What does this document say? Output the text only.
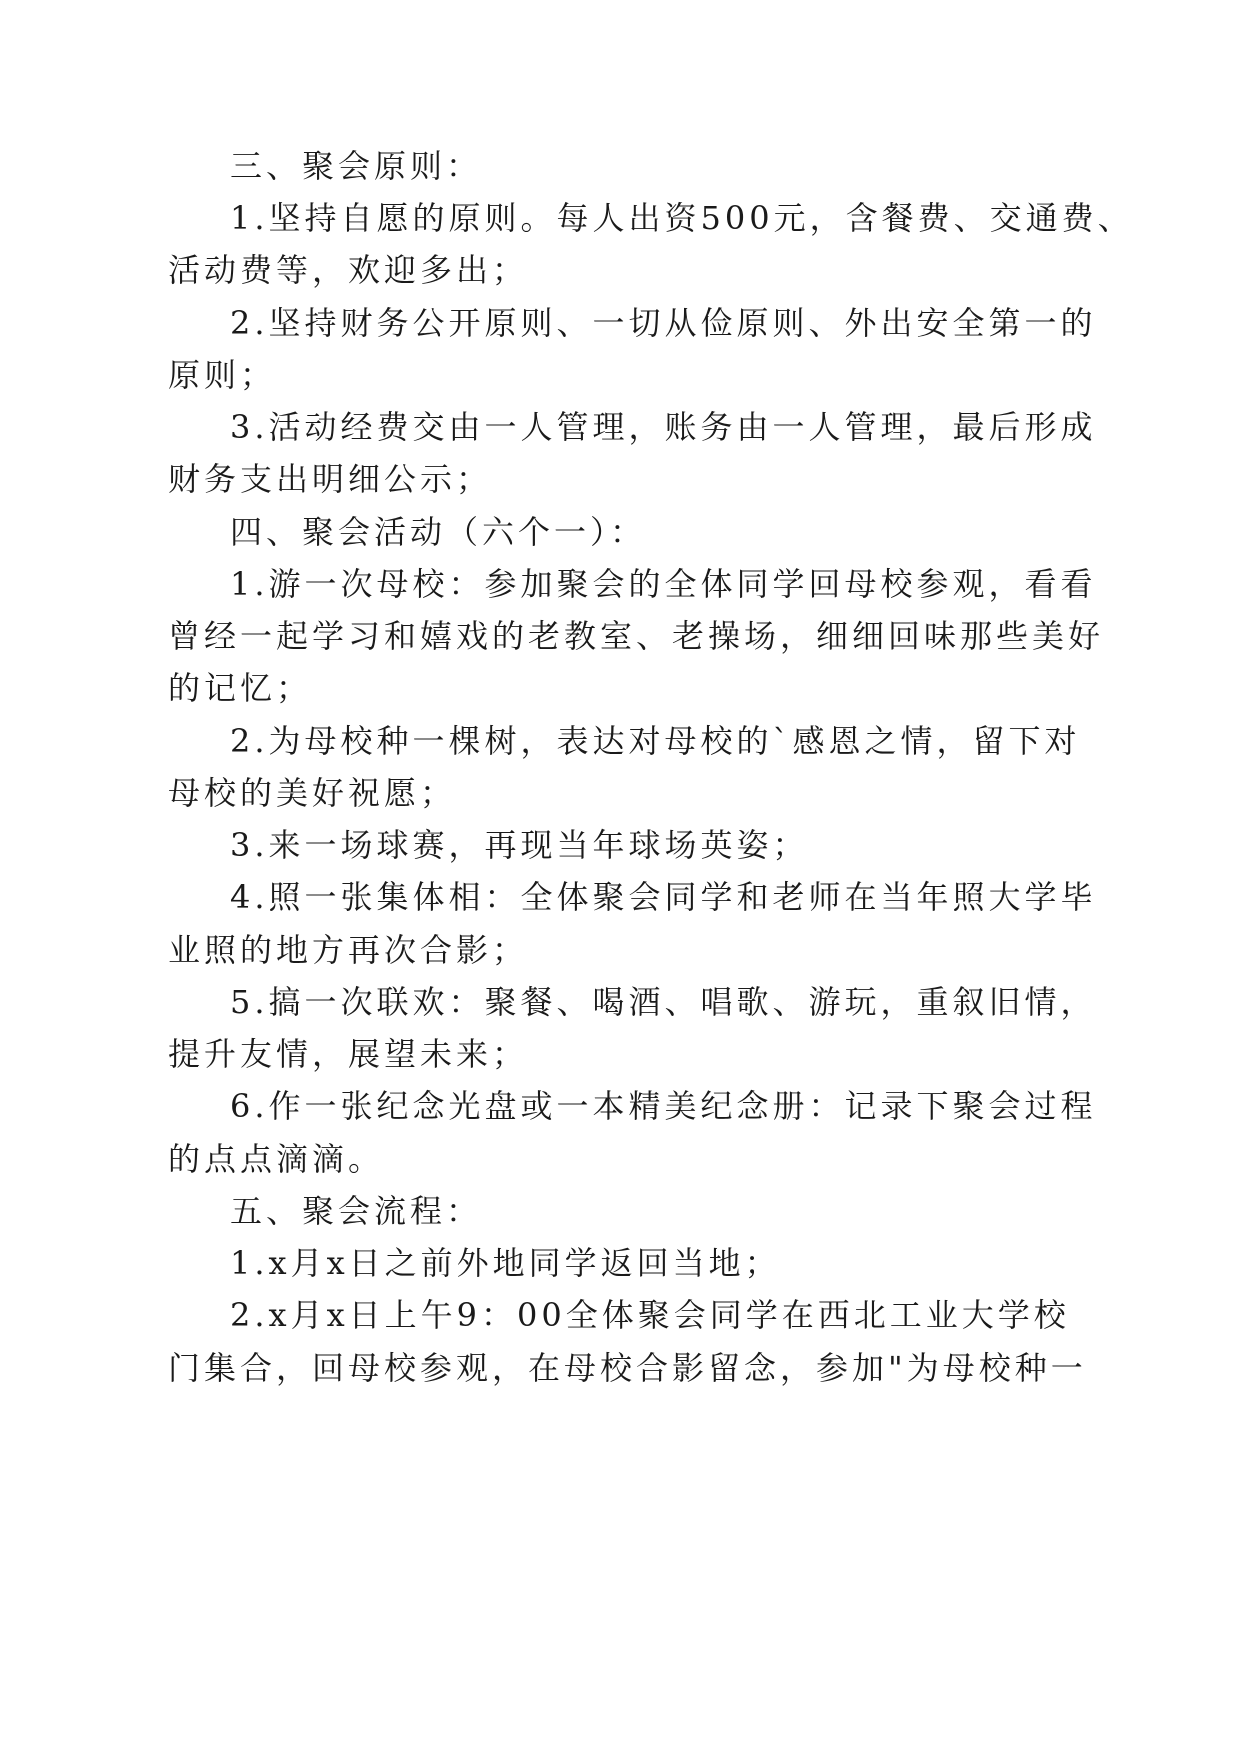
三、聚会原则：
1.坚持自愿的原则。每人出资500元，含餐费、交通费、
活动费等，欢迎多出；
2.坚持财务公开原则、一切从俭原则、外出安全第一的
原则；
3.活动经费交由一人管理，账务由一人管理，最后形成
财务支出明细公示；
四、聚会活动（六个一）：
1.游一次母校：参加聚会的全体同学回母校参观，看看
曾经一起学习和嬉戏的老教室、老操场，细细回味那些美好
的记忆；
2.为母校种一棵树，表达对母校的`感恩之情，留下对
母校的美好祝愿；
3.来一场球赛，再现当年球场英姿；
4.照一张集体相：全体聚会同学和老师在当年照大学毕
业照的地方再次合影；
5.搞一次联欢：聚餐、喝酒、唱歌、游玩，重叙旧情，
提升友情，展望未来；
6.作一张纪念光盘或一本精美纪念册：记录下聚会过程
的点点滴滴。
五、聚会流程：
1.x月x日之前外地同学返回当地；
2.x月x日上午9：00全体聚会同学在西北工业大学校
门集合，回母校参观，在母校合影留念，参加"为母校种一
